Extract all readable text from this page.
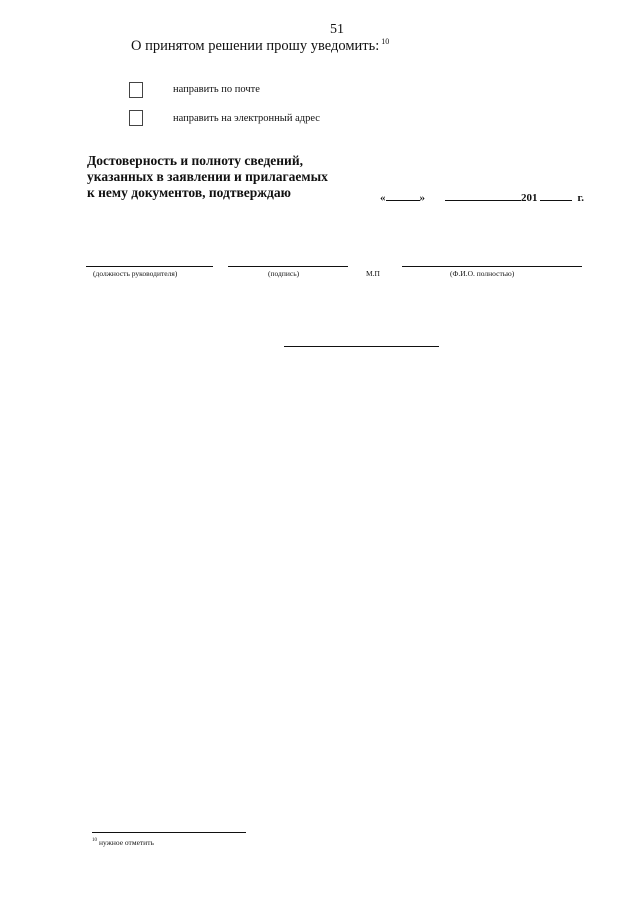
51
О принятом решении прошу уведомить: $^{10}$
направить по почте
направить на электронный адрес
Достоверность и полноту сведений,
указанных в заявлении и прилагаемых
к нему документов, подтверждаю	«	»	201	г.
(должность руководителя)	(подпись)	М.П	(Ф.И.О. полностью)
$^{10}$ нужное отметить
